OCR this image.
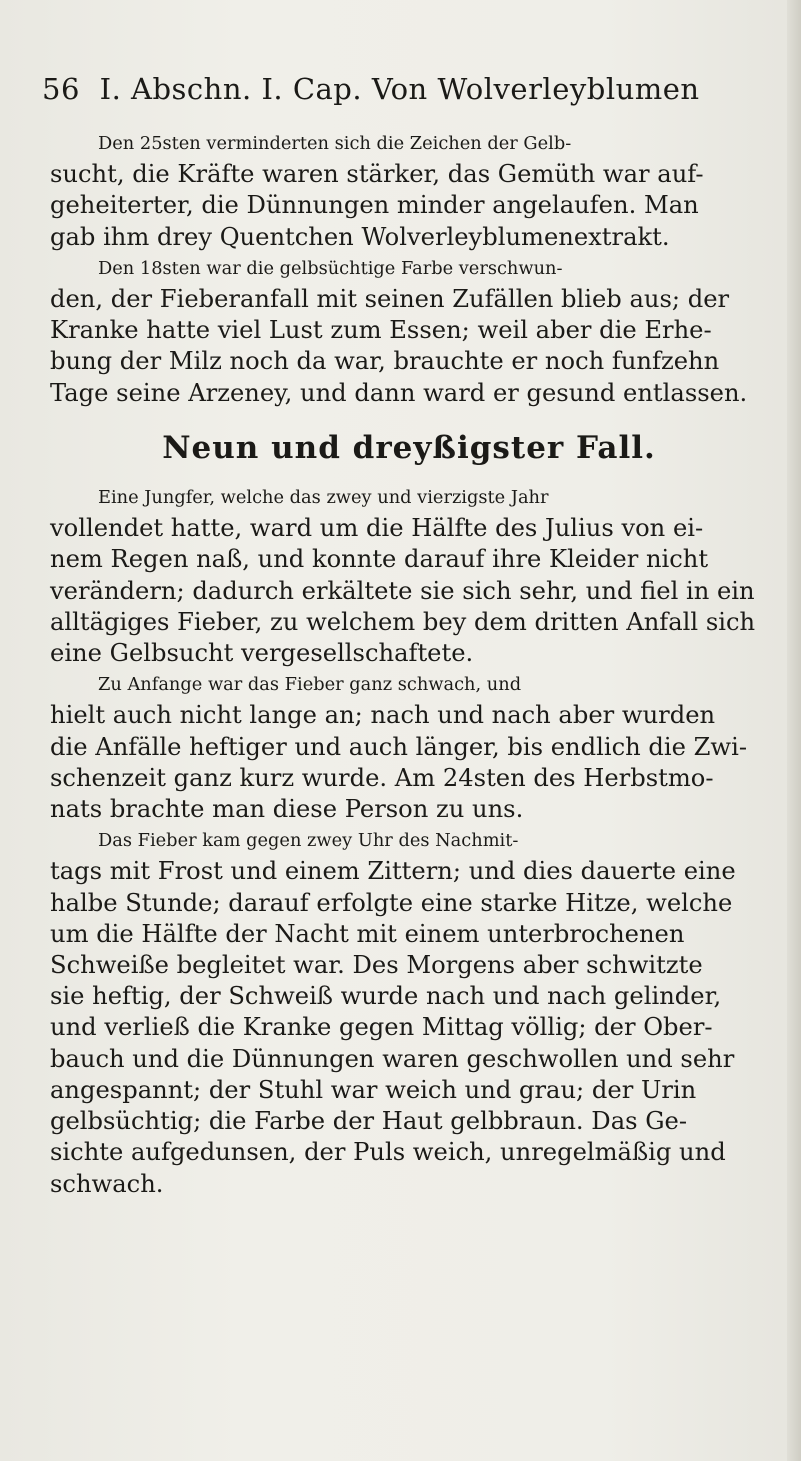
56 I. Abschn. I. Cap. Von Wolverleyblumen

Den 25sten verminderten sich die Zeichen der Gelb-
sucht, die Kräfte waren stärker, das Gemüth war auf-
geheiterter, die Dünnungen minder angelaufen. Man
gab ihm drey Quentchen Wolverleyblumenextrakt.

Den 18sten war die gelbsüchtige Farbe verschwun-
den, der Fieberanfall mit seinen Zufällen blieb aus; der
Kranke hatte viel Lust zum Essen; weil aber die Erhe-
bung der Milz noch da war, brauchte er noch funfzehn
Tage seine Arzeney, und dann ward er gesund entlassen.

Neun und dreyßigster Fall.

Eine Jungfer, welche das zwey und vierzigste Jahr
vollendet hatte, ward um die Hälfte des Julius von ei-
nem Regen naß, und konnte darauf ihre Kleider nicht
verändern; dadurch erkältete sie sich sehr, und fiel in ein
alltägiges Fieber, zu welchem bey dem dritten Anfall sich
eine Gelbsucht vergesellschaftete.

Zu Anfange war das Fieber ganz schwach, und
hielt auch nicht lange an; nach und nach aber wurden
die Anfälle heftiger und auch länger, bis endlich die Zwi-
schenzeit ganz kurz wurde. Am 24sten des Herbstmo-
nats brachte man diese Person zu uns.

Das Fieber kam gegen zwey Uhr des Nachmit-
tags mit Frost und einem Zittern; und dies dauerte eine
halbe Stunde; darauf erfolgte eine starke Hitze, welche
um die Hälfte der Nacht mit einem unterbrochenen
Schweiße begleitet war. Des Morgens aber schwitzte
sie heftig, der Schweiß wurde nach und nach gelinder,
und verließ die Kranke gegen Mittag völlig; der Ober-
bauch und die Dünnungen waren geschwollen und sehr
angespannt; der Stuhl war weich und grau; der Urin
gelbsüchtig; die Farbe der Haut gelbbraun. Das Ge-
sichte aufgedunsen, der Puls weich, unregelmäßig und
schwach.
